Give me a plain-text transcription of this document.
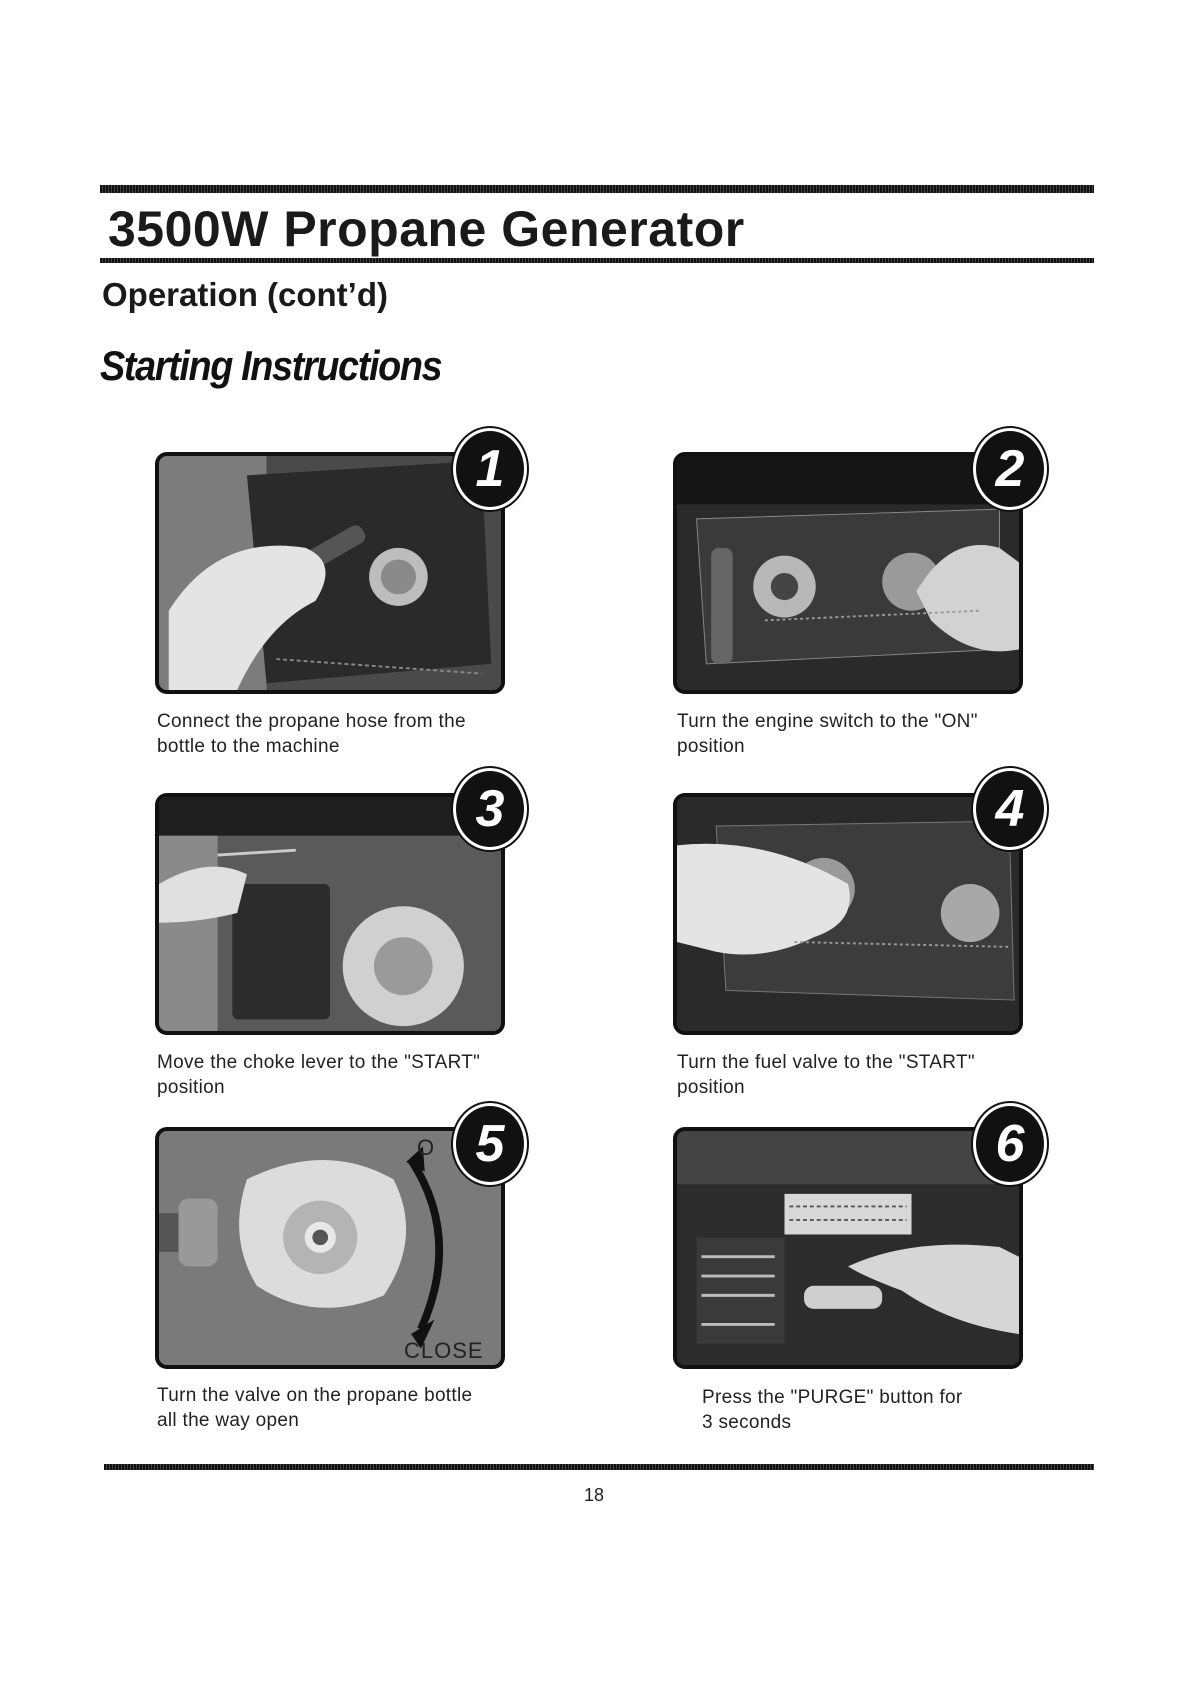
3500W Propane Generator
Operation (cont’d)
Starting Instructions
1
Connect the propane hose from the
bottle to the machine
2
Turn the engine switch to the "ON"
position
3
Move the choke lever to the "START"
position
4
Turn the fuel valve to the "START"
position
O
CLOSE
5
Turn the valve on the propane bottle
all the way open
6
Press the "PURGE" button for
3 seconds
18
